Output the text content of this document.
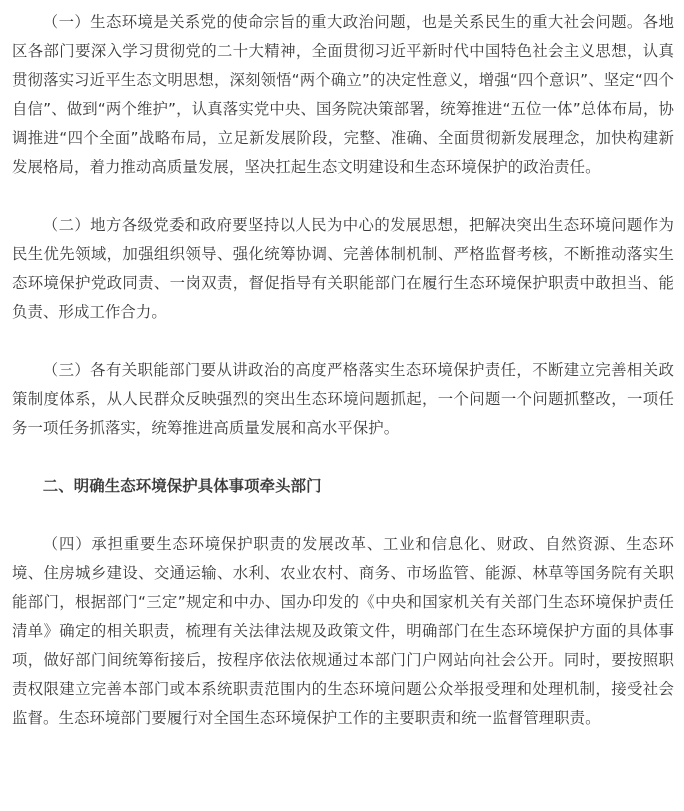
（一）生态环境是关系党的使命宗旨的重大政治问题，也是关系民生的重大社会问题。各地区各部门要深入学习贯彻党的二十大精神，全面贯彻习近平新时代中国特色社会主义思想，认真贯彻落实习近平生态文明思想，深刻领悟“两个确立”的决定性意义，增强“四个意识”、坚定“四个自信”、做到“两个维护”，认真落实党中央、国务院决策部署，统筹推进“五位一体”总体布局，协调推进“四个全面”战略布局，立足新发展阶段，完整、准确、全面贯彻新发展理念，加快构建新发展格局，着力推动高质量发展，坚决扛起生态文明建设和生态环境保护的政治责任。

（二）地方各级党委和政府要坚持以人民为中心的发展思想，把解决突出生态环境问题作为民生优先领域，加强组织领导、强化统筹协调、完善体制机制、严格监督考核，不断推动落实生态环境保护党政同责、一岗双责，督促指导有关职能部门在履行生态环境保护职责中敢担当、能负责、形成工作合力。

（三）各有关职能部门要从讲政治的高度严格落实生态环境保护责任，不断建立完善相关政策制度体系，从人民群众反映强烈的突出生态环境问题抓起，一个问题一个问题抓整改，一项任务一项任务抓落实，统筹推进高质量发展和高水平保护。

二、明确生态环境保护具体事项牵头部门

（四）承担重要生态环境保护职责的发展改革、工业和信息化、财政、自然资源、生态环境、住房城乡建设、交通运输、水利、农业农村、商务、市场监管、能源、林草等国务院有关职能部门，根据部门“三定”规定和中办、国办印发的《中央和国家机关有关部门生态环境保护责任清单》确定的相关职责，梳理有关法律法规及政策文件，明确部门在生态环境保护方面的具体事项，做好部门间统筹衔接后，按程序依法依规通过本部门门户网站向社会公开。同时，要按照职责权限建立完善本部门或本系统职责范围内的生态环境问题公众举报受理和处理机制，接受社会监督。生态环境部门要履行对全国生态环境保护工作的主要职责和统一监督管理职责。
